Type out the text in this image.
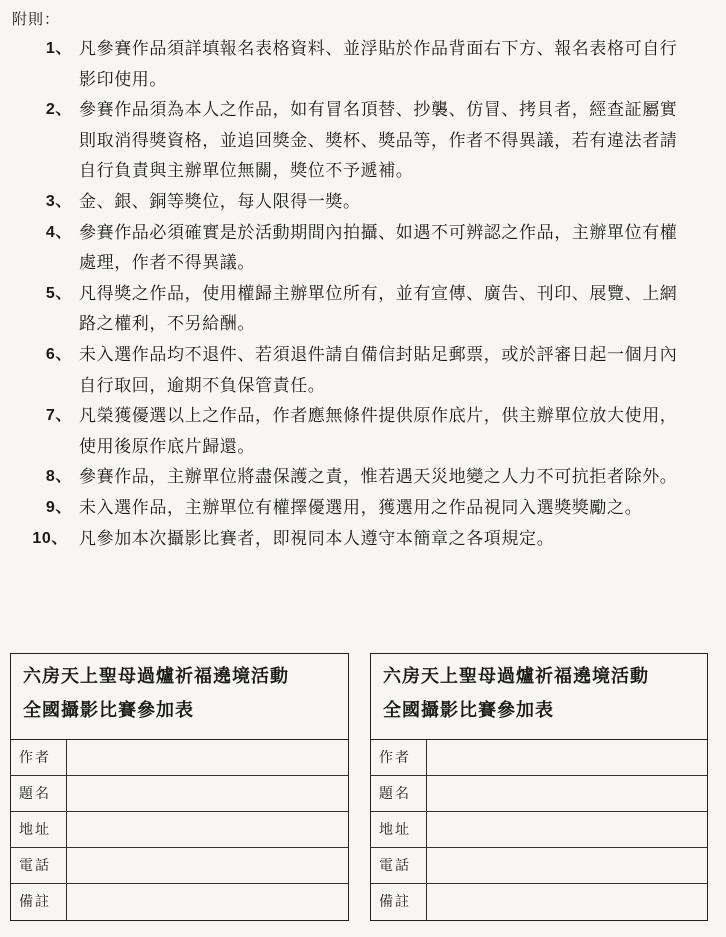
附則：
1、 凡參賽作品須詳填報名表格資料、並浮貼於作品背面右下方、報名表格可自行
影印使用。
2、 參賽作品須為本人之作品，如有冒名頂替、抄襲、仿冒、拷貝者，經查証屬實
則取消得獎資格，並追回獎金、獎杯、獎品等，作者不得異議，若有違法者請
自行負責與主辦單位無關，獎位不予遞補。
3、 金、銀、銅等獎位，每人限得一獎。
4、 參賽作品必須確實是於活動期間內拍攝、如遇不可辨認之作品，主辦單位有權
處理，作者不得異議。
5、 凡得獎之作品，使用權歸主辦單位所有，並有宣傳、廣告、刊印、展覽、上網
路之權利，不另給酬。
6、 未入選作品均不退件、若須退件請自備信封貼足郵票，或於評審日起一個月內
自行取回，逾期不負保管責任。
7、 凡榮獲優選以上之作品，作者應無條件提供原作底片，供主辦單位放大使用，
使用後原作底片歸還。
8、 參賽作品，主辦單位將盡保護之責，惟若遇天災地變之人力不可抗拒者除外。
9、 未入選作品，主辦單位有權擇優選用，獲選用之作品視同入選獎獎勵之。
10、 凡參加本次攝影比賽者，即視同本人遵守本簡章之各項規定。
六房天上聖母過爐祈福遶境活動
全國攝影比賽參加表
作者
題名
地址
電話
備註
六房天上聖母過爐祈福遶境活動
全國攝影比賽參加表
作者
題名
地址
電話
備註
